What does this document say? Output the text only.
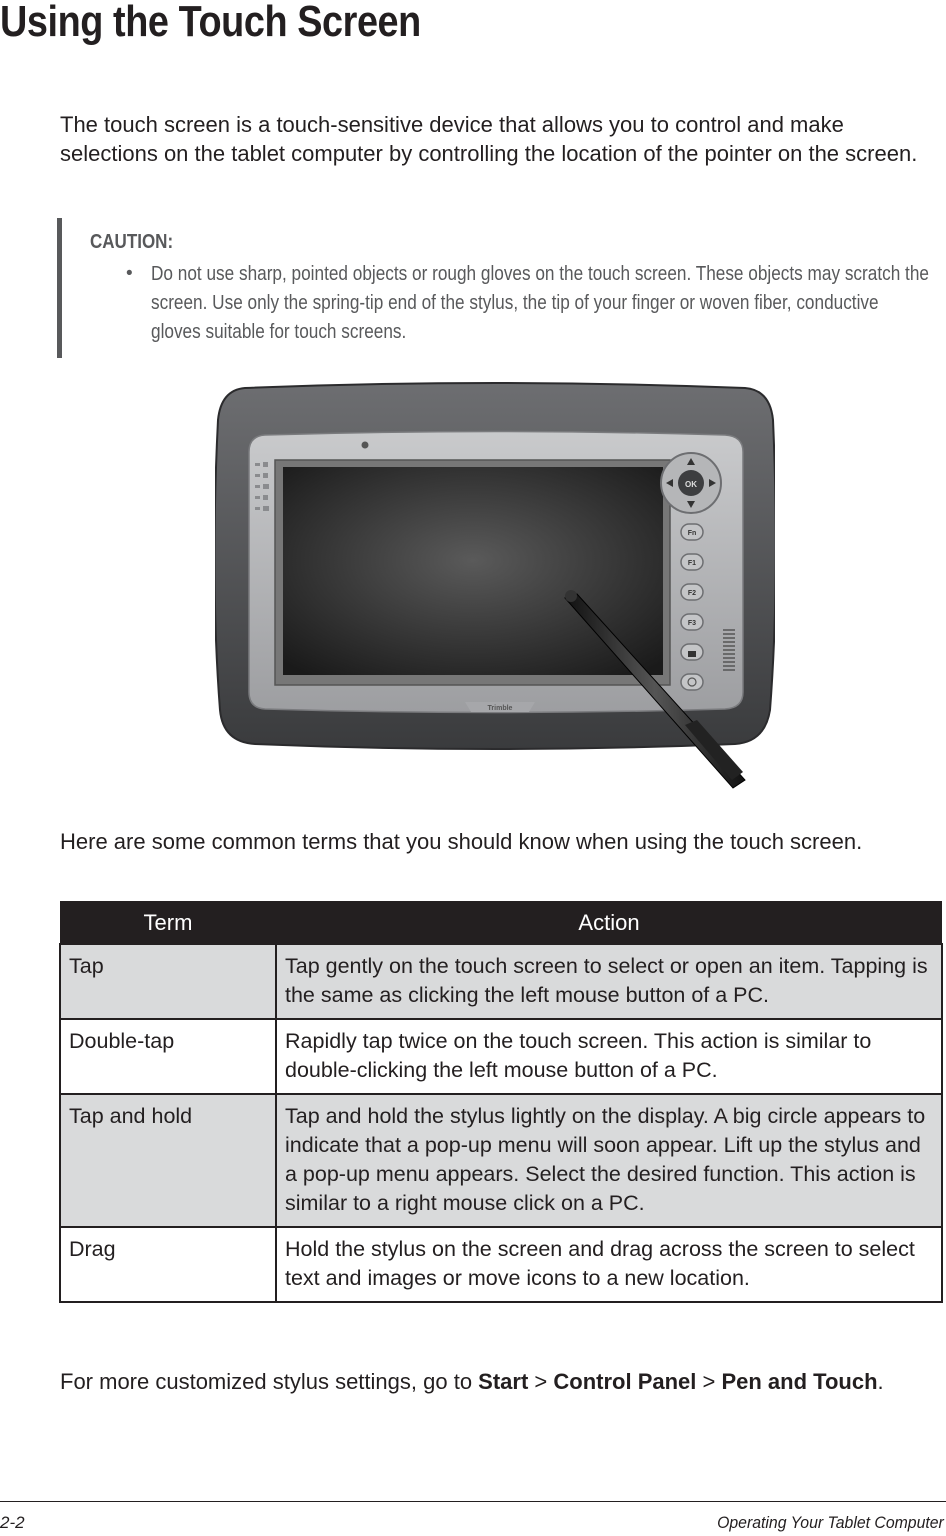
Using the Touch Screen

The touch screen is a touch-sensitive device that allows you to control and make selections on the tablet computer by controlling the location of the pointer on the screen.

CAUTION:
• Do not use sharp, pointed objects or rough gloves on the touch screen. These objects may scratch the screen. Use only the spring-tip end of the stylus, the tip of your finger or woven fiber, conductive gloves suitable for touch screens.

OK
Fn
F1
F2
F3
Trimble

Here are some common terms that you should know when using the touch screen.

Term	Action
Tap	Tap gently on the touch screen to select or open an item. Tapping is the same as clicking the left mouse button of a PC.
Double-tap	Rapidly tap twice on the touch screen. This action is similar to double-clicking the left mouse button of a PC.
Tap and hold	Tap and hold the stylus lightly on the display. A big circle appears to indicate that a pop-up menu will soon appear. Lift up the stylus and a pop-up menu appears. Select the desired function. This action is similar to a right mouse click on a PC.
Drag	Hold the stylus on the screen and drag across the screen to select text and images or move icons to a new location.

For more customized stylus settings, go to Start > Control Panel > Pen and Touch.

2-2	Operating Your Tablet Computer
